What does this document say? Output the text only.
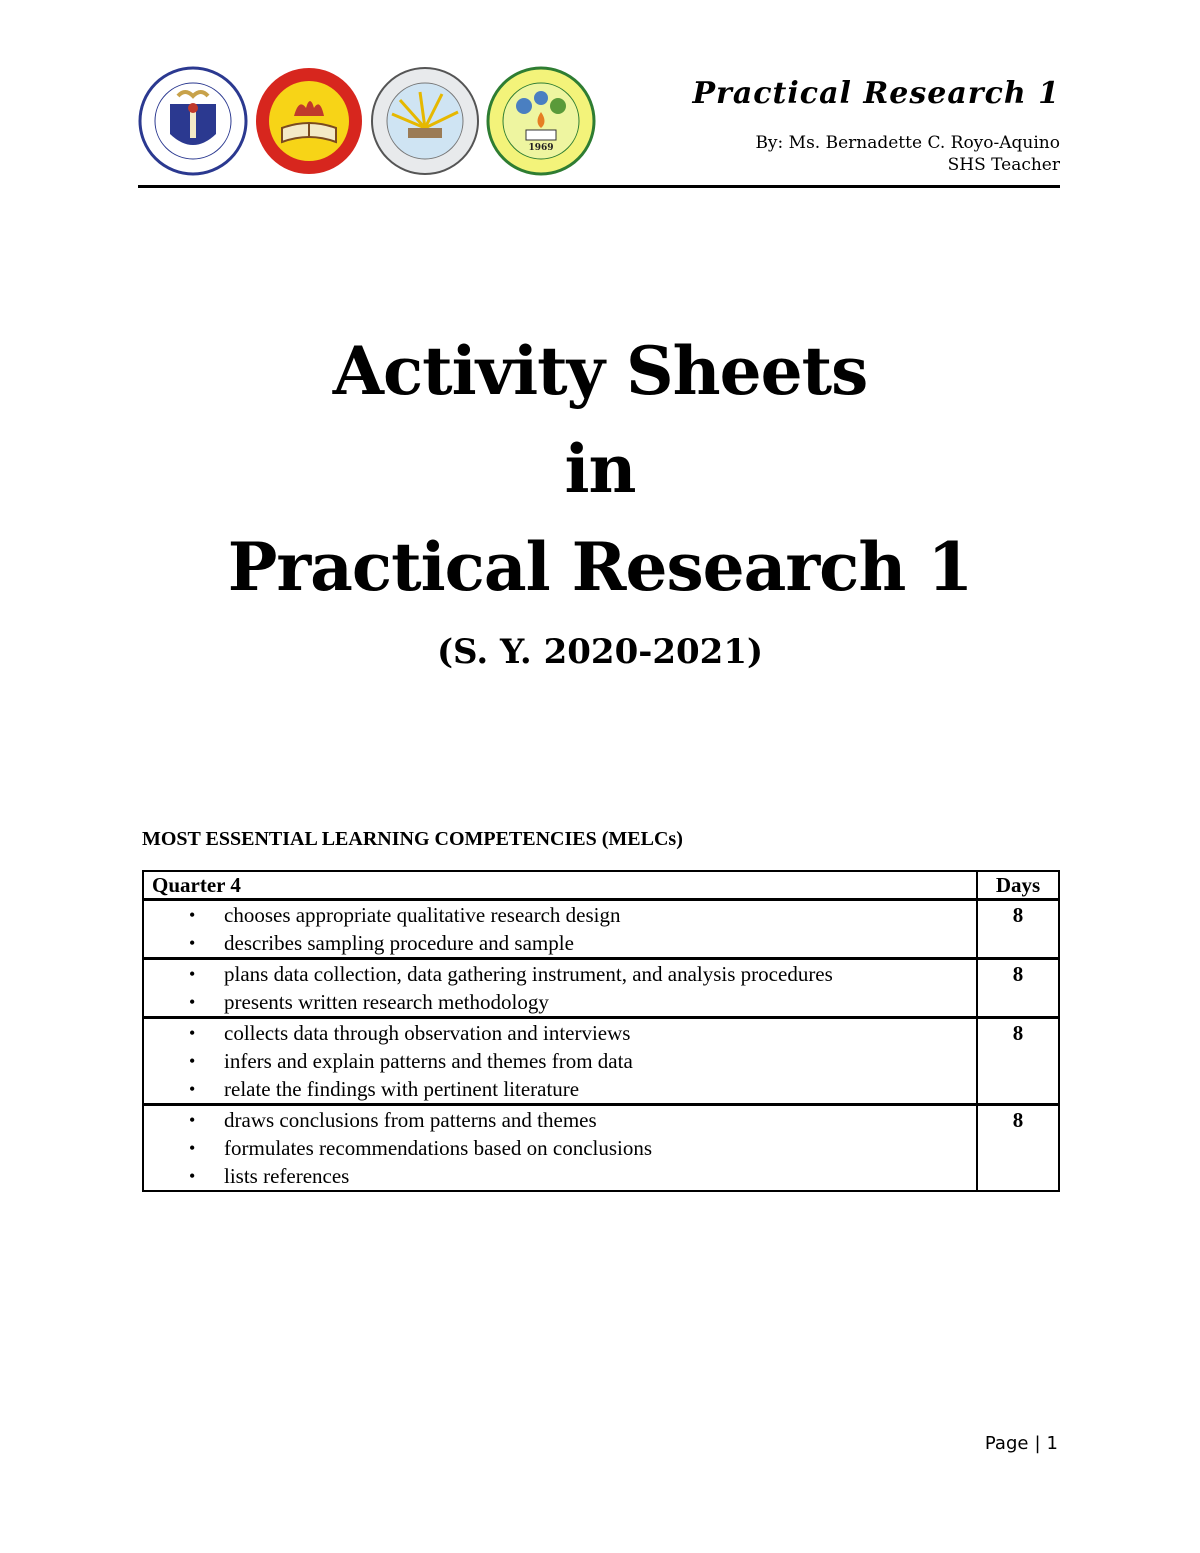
1969
Practical Research 1
By: Ms. Bernadette C. Royo-Aquino
SHS Teacher
Activity Sheets
in
Practical Research 1
(S. Y. 2020-2021)
MOST ESSENTIAL LEARNING COMPETENCIES (MELCs)
Quarter 4	Days

• chooses appropriate qualitative research design
• describes sampling procedure and sample
	8

• plans data collection, data gathering instrument, and analysis procedures
• presents written research methodology
	8

• collects data through observation and interviews
• infers and explain patterns and themes from data
• relate the findings with pertinent literature
	8

• draws conclusions from patterns and themes
• formulates recommendations based on conclusions
• lists references
	8
Page | 1
